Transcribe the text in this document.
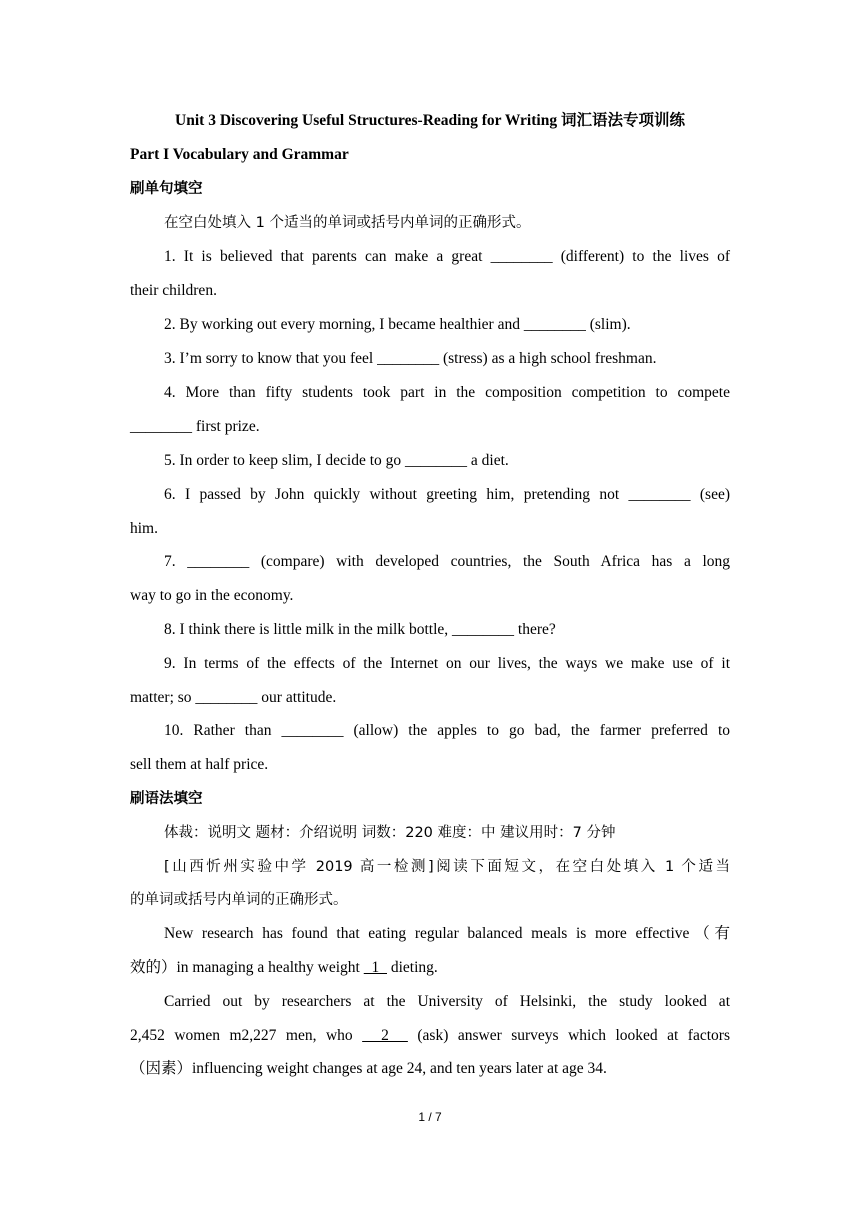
Unit 3 Discovering Useful Structures-Reading for Writing 词汇语法专项训练
Part I Vocabulary and Grammar
刷单句填空
在空白处填入 1 个适当的单词或括号内单词的正确形式。
1. It is believed that parents can make a great ________ (different) to the lives of
their children.
2. By working out every morning, I became healthier and ________ (slim).
3. I’m sorry to know that you feel ________ (stress) as a high school freshman.
4. More than fifty students took part in the composition competition to compete
________ first prize.
5. In order to keep slim, I decide to go ________ a diet.
6. I passed by John quickly without greeting him, pretending not ________ (see)
him.
7. ________ (compare) with developed countries, the South Africa has a long
way to go in the economy.
8. I think there is little milk in the milk bottle, ________ there?
9. In terms of the effects of the Internet on our lives, the ways we make use of it
matter; so ________ our attitude.
10. Rather than ________ (allow) the apples to go bad, the farmer preferred to
sell them at half price.
刷语法填空
体裁：说明文 题材：介绍说明 词数：220 难度：中 建议用时：7 分钟
[山西忻州实验中学 2019 高一检测]阅读下面短文，在空白处填入 1 个适当
的单词或括号内单词的正确形式。
New research has found that eating regular balanced meals is more effective（有
效的）in managing a healthy weight   1   dieting.
Carried out by researchers at the University of Helsinki, the study looked at
2,452 women m2,227 men, who   2   (ask) answer surveys which looked at factors
（因素）influencing weight changes at age 24, and ten years later at age 34.
1 / 7
